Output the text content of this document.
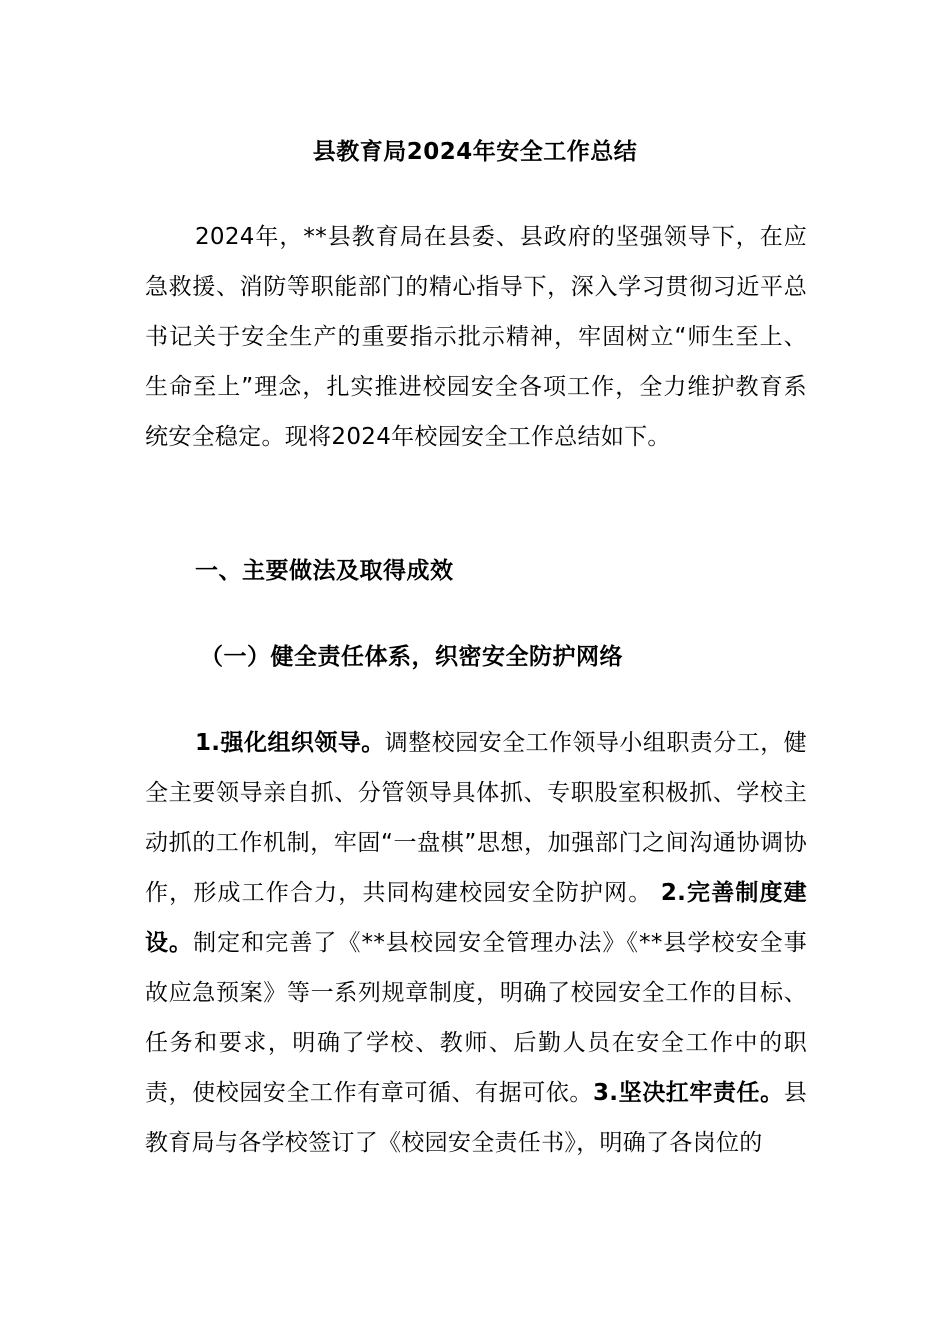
县教育局2024年安全工作总结
2024年，**县教育局在县委、县政府的坚强领导下，在应急救援、消防等职能部门的精心指导下，深入学习贯彻习近平总书记关于安全生产的重要指示批示精神，牢固树立“师生至上、生命至上”理念，扎实推进校园安全各项工作，全力维护教育系统安全稳定。现将2024年校园安全工作总结如下。
一、主要做法及取得成效
（一）健全责任体系，织密安全防护网络
1.强化组织领导。调整校园安全工作领导小组职责分工，健全主要领导亲自抓、分管领导具体抓、专职股室积极抓、学校主动抓的工作机制，牢固“一盘棋”思想，加强部门之间沟通协调协作，形成工作合力，共同构建校园安全防护网。 2.完善制度建设。制定和完善了《**县校园安全管理办法》《**县学校安全事故应急预案》等一系列规章制度，明确了校园安全工作的目标、任务和要求，明确了学校、教师、后勤人员在安全工作中的职责，使校园安全工作有章可循、有据可依。3.坚决扛牢责任。县教育局与各学校签订了《校园安全责任书》，明确了各岗位的
